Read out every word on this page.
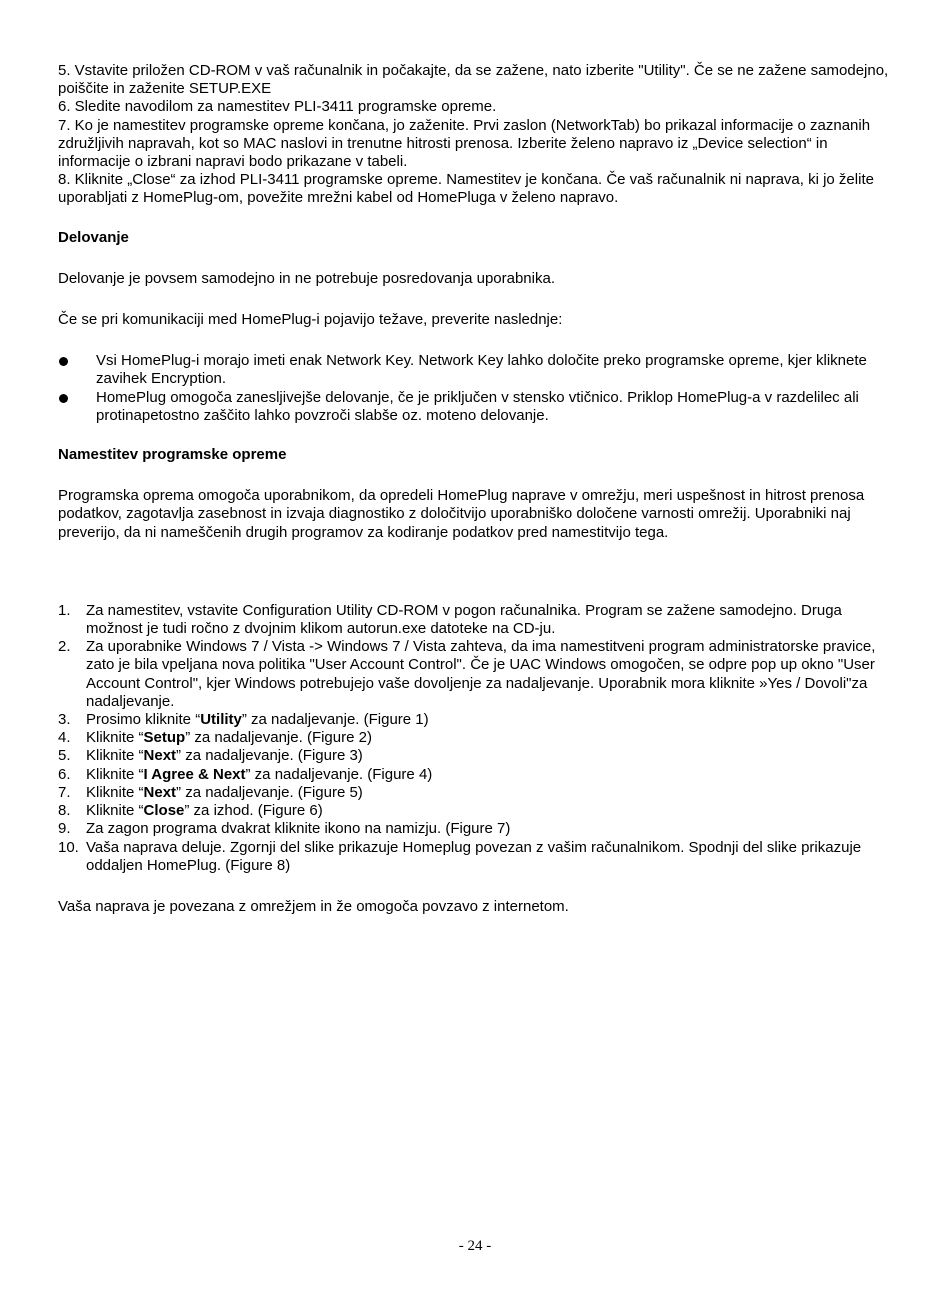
5. Vstavite priložen CD-ROM v vaš računalnik in počakajte, da se zažene, nato izberite "Utility". Če se ne zažene samodejno, poiščite in zaženite SETUP.EXE

6. Sledite navodilom za namestitev PLI-3411 programske opreme.

7. Ko je namestitev programske opreme končana, jo zaženite. Prvi zaslon (NetworkTab) bo prikazal informacije o zaznanih združljivih napravah, kot so MAC naslovi in trenutne hitrosti prenosa. Izberite želeno napravo iz „Device selection“ in informacije o izbrani napravi bodo prikazane v tabeli.

8. Kliknite „Close“ za izhod PLI-3411 programske opreme. Namestitev je končana. Če vaš računalnik ni naprava, ki jo želite uporabljati z HomePlug-om, povežite mrežni kabel od HomePluga v želeno napravo.

Delovanje

Delovanje je povsem samodejno in ne potrebuje posredovanja uporabnika.

Če se pri komunikaciji med HomePlug-i pojavijo težave, preverite naslednje:

Vsi HomePlug-i morajo imeti enak Network Key. Network Key lahko določite preko programske opreme, kjer kliknete zavihek Encryption.
HomePlug omogoča zanesljivejše delovanje, če je priključen v stensko vtičnico. Priklop HomePlug-a v razdelilec ali protinapetostno zaščito lahko povzroči slabše oz. moteno delovanje.

Namestitev programske opreme

Programska oprema omogoča uporabnikom, da opredeli HomePlug naprave v omrežju, meri uspešnost in hitrost prenosa podatkov, zagotavlja zasebnost in izvaja diagnostiko z določitvijo uporabniško določene varnosti omrežij. Uporabniki naj preverijo, da ni nameščenih drugih programov za kodiranje podatkov pred namestitvijo tega.

1. Za namestitev, vstavite Configuration Utility CD-ROM v pogon računalnika. Program se zažene samodejno. Druga možnost je tudi ročno z dvojnim klikom autorun.exe datoteke na CD-ju.
2. Za uporabnike Windows 7 / Vista -> Windows 7 / Vista zahteva, da ima namestitveni program administratorske pravice, zato je bila vpeljana nova politika "User Account Control". Če je UAC Windows omogočen, se odpre pop up okno "User Account Control", kjer Windows potrebujejo vaše dovoljenje za nadaljevanje. Uporabnik mora kliknite »Yes / Dovoli"za nadaljevanje.
3. Prosimo kliknite “Utility” za nadaljevanje. (Figure 1)
4. Kliknite “Setup” za nadaljevanje. (Figure 2)
5. Kliknite “Next” za nadaljevanje. (Figure 3)
6. Kliknite “I Agree & Next” za nadaljevanje. (Figure 4)
7. Kliknite “Next” za nadaljevanje. (Figure 5)
8. Kliknite “Close” za izhod. (Figure 6)
9. Za zagon programa dvakrat kliknite ikono na namizju. (Figure 7)
10. Vaša naprava deluje. Zgornji del slike prikazuje Homeplug povezan z vašim računalnikom. Spodnji del slike prikazuje oddaljen HomePlug. (Figure 8)

Vaša naprava je povezana z omrežjem in že omogoča povzavo z internetom.

- 24 -
